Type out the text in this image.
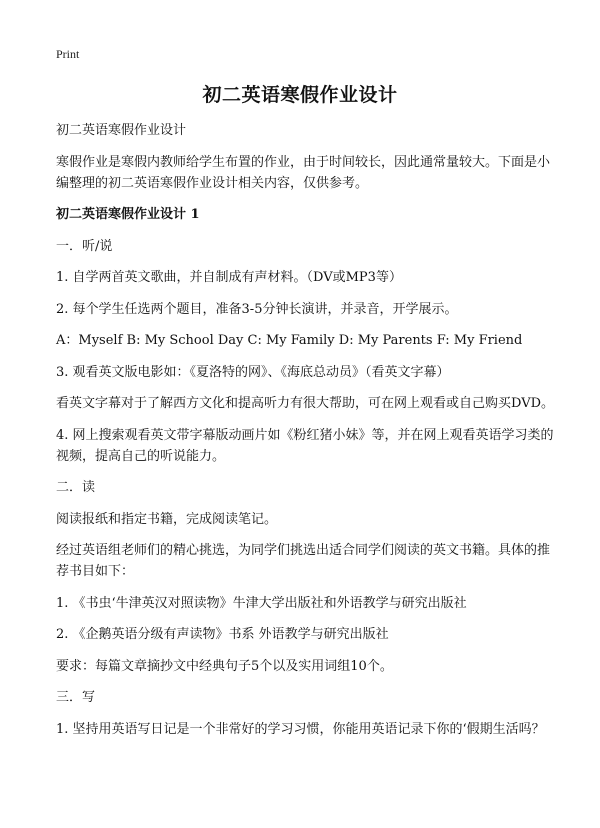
Print
初二英语寒假作业设计

初二英语寒假作业设计

寒假作业是寒假内教师给学生布置的作业，由于时间较长，因此通常量较大。下面是小编整理的初二英语寒假作业设计相关内容，仅供参考。

初二英语寒假作业设计 1

一．听/说

1. 自学两首英文歌曲，并自制成有声材料。（DV或MP3等）

2. 每个学生任选两个题目，准备3-5分钟长演讲，并录音，开学展示。

A：Myself B: My School Day C: My Family D: My Parents F: My Friend

3. 观看英文版电影如：《夏洛特的网》、《海底总动员》（看英文字幕）

看英文字幕对于了解西方文化和提高听力有很大帮助，可在网上观看或自己购买DVD。

4. 网上搜索观看英文带字幕版动画片如《粉红猪小妹》等，并在网上观看英语学习类的视频，提高自己的听说能力。

二．读

阅读报纸和指定书籍，完成阅读笔记。

经过英语组老师们的精心挑选，为同学们挑选出适合同学们阅读的英文书籍。具体的推荐书目如下：

1. 《书虫‘牛津英汉对照读物》牛津大学出版社和外语教学与研究出版社

2. 《企鹅英语分级有声读物》书系 外语教学与研究出版社

要求：每篇文章摘抄文中经典句子5个以及实用词组10个。

三．写

1. 坚持用英语写日记是一个非常好的学习习惯，你能用英语记录下你的‘假期生活吗？
